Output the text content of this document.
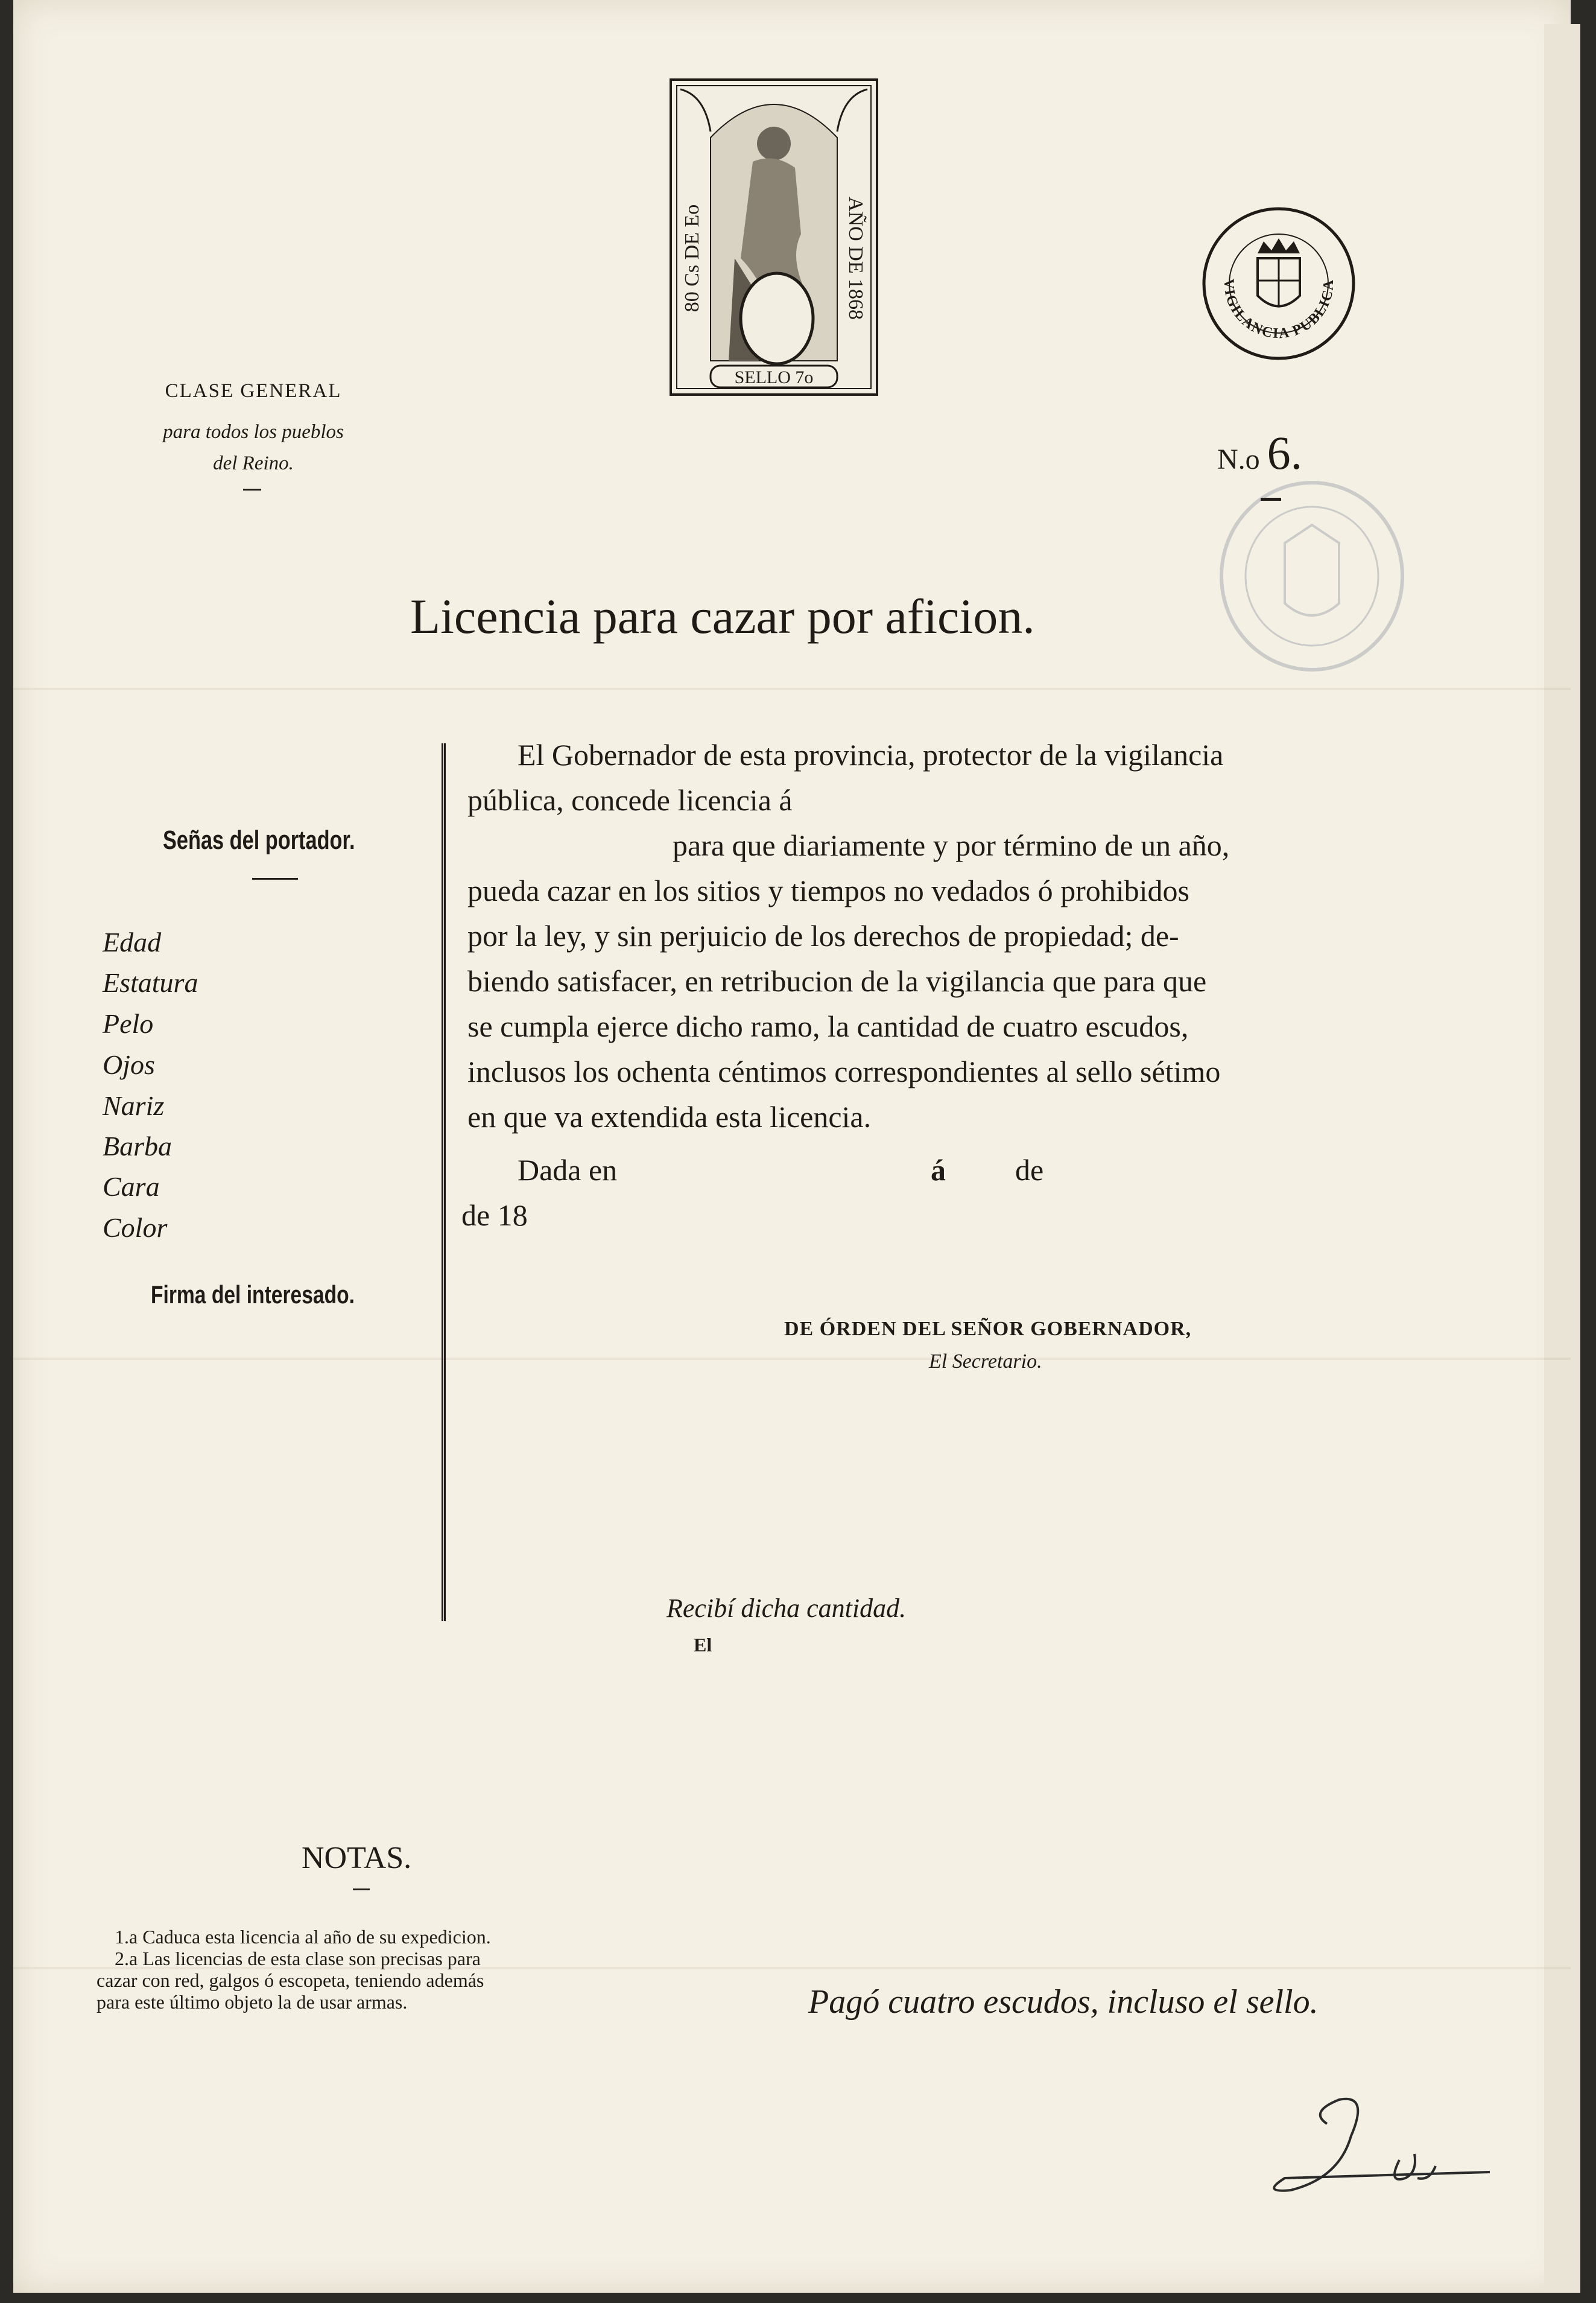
80 Cs DE Eo	AÑO DE 1868
SELLO 7o
VIGILANCIA PUBLICA
CLASE GENERAL
para todos los pueblos
del Reino.	N.o 6.
Licencia para cazar por aficion.
Señas del portador.
Edad
Estatura
Pelo
Ojos
Nariz
Barba
Cara
Color
Firma del interesado.
El Gobernador de esta provincia, protector de la vigilancia
pública, concede licencia á
para que diariamente y por término de un año,
pueda cazar en los sitios y tiempos no vedados ó prohibidos
por la ley, y sin perjuicio de los derechos de propiedad; de-
biendo satisfacer, en retribucion de la vigilancia que para que
se cumpla ejerce dicho ramo, la cantidad de cuatro escudos,
inclusos los ochenta céntimos correspondientes al sello sétimo
en que va extendida esta licencia.
Dada en	á de
de 18
DE ÓRDEN DEL SEÑOR GOBERNADOR,
El Secretario.
Recibí dicha cantidad.
El
NOTAS.
1.a Caduca esta licencia al año de su expedicion.
2.a Las licencias de esta clase son precisas para
cazar con red, galgos ó escopeta, teniendo además
para este último objeto la de usar armas.	Pagó cuatro escudos, incluso el sello.
